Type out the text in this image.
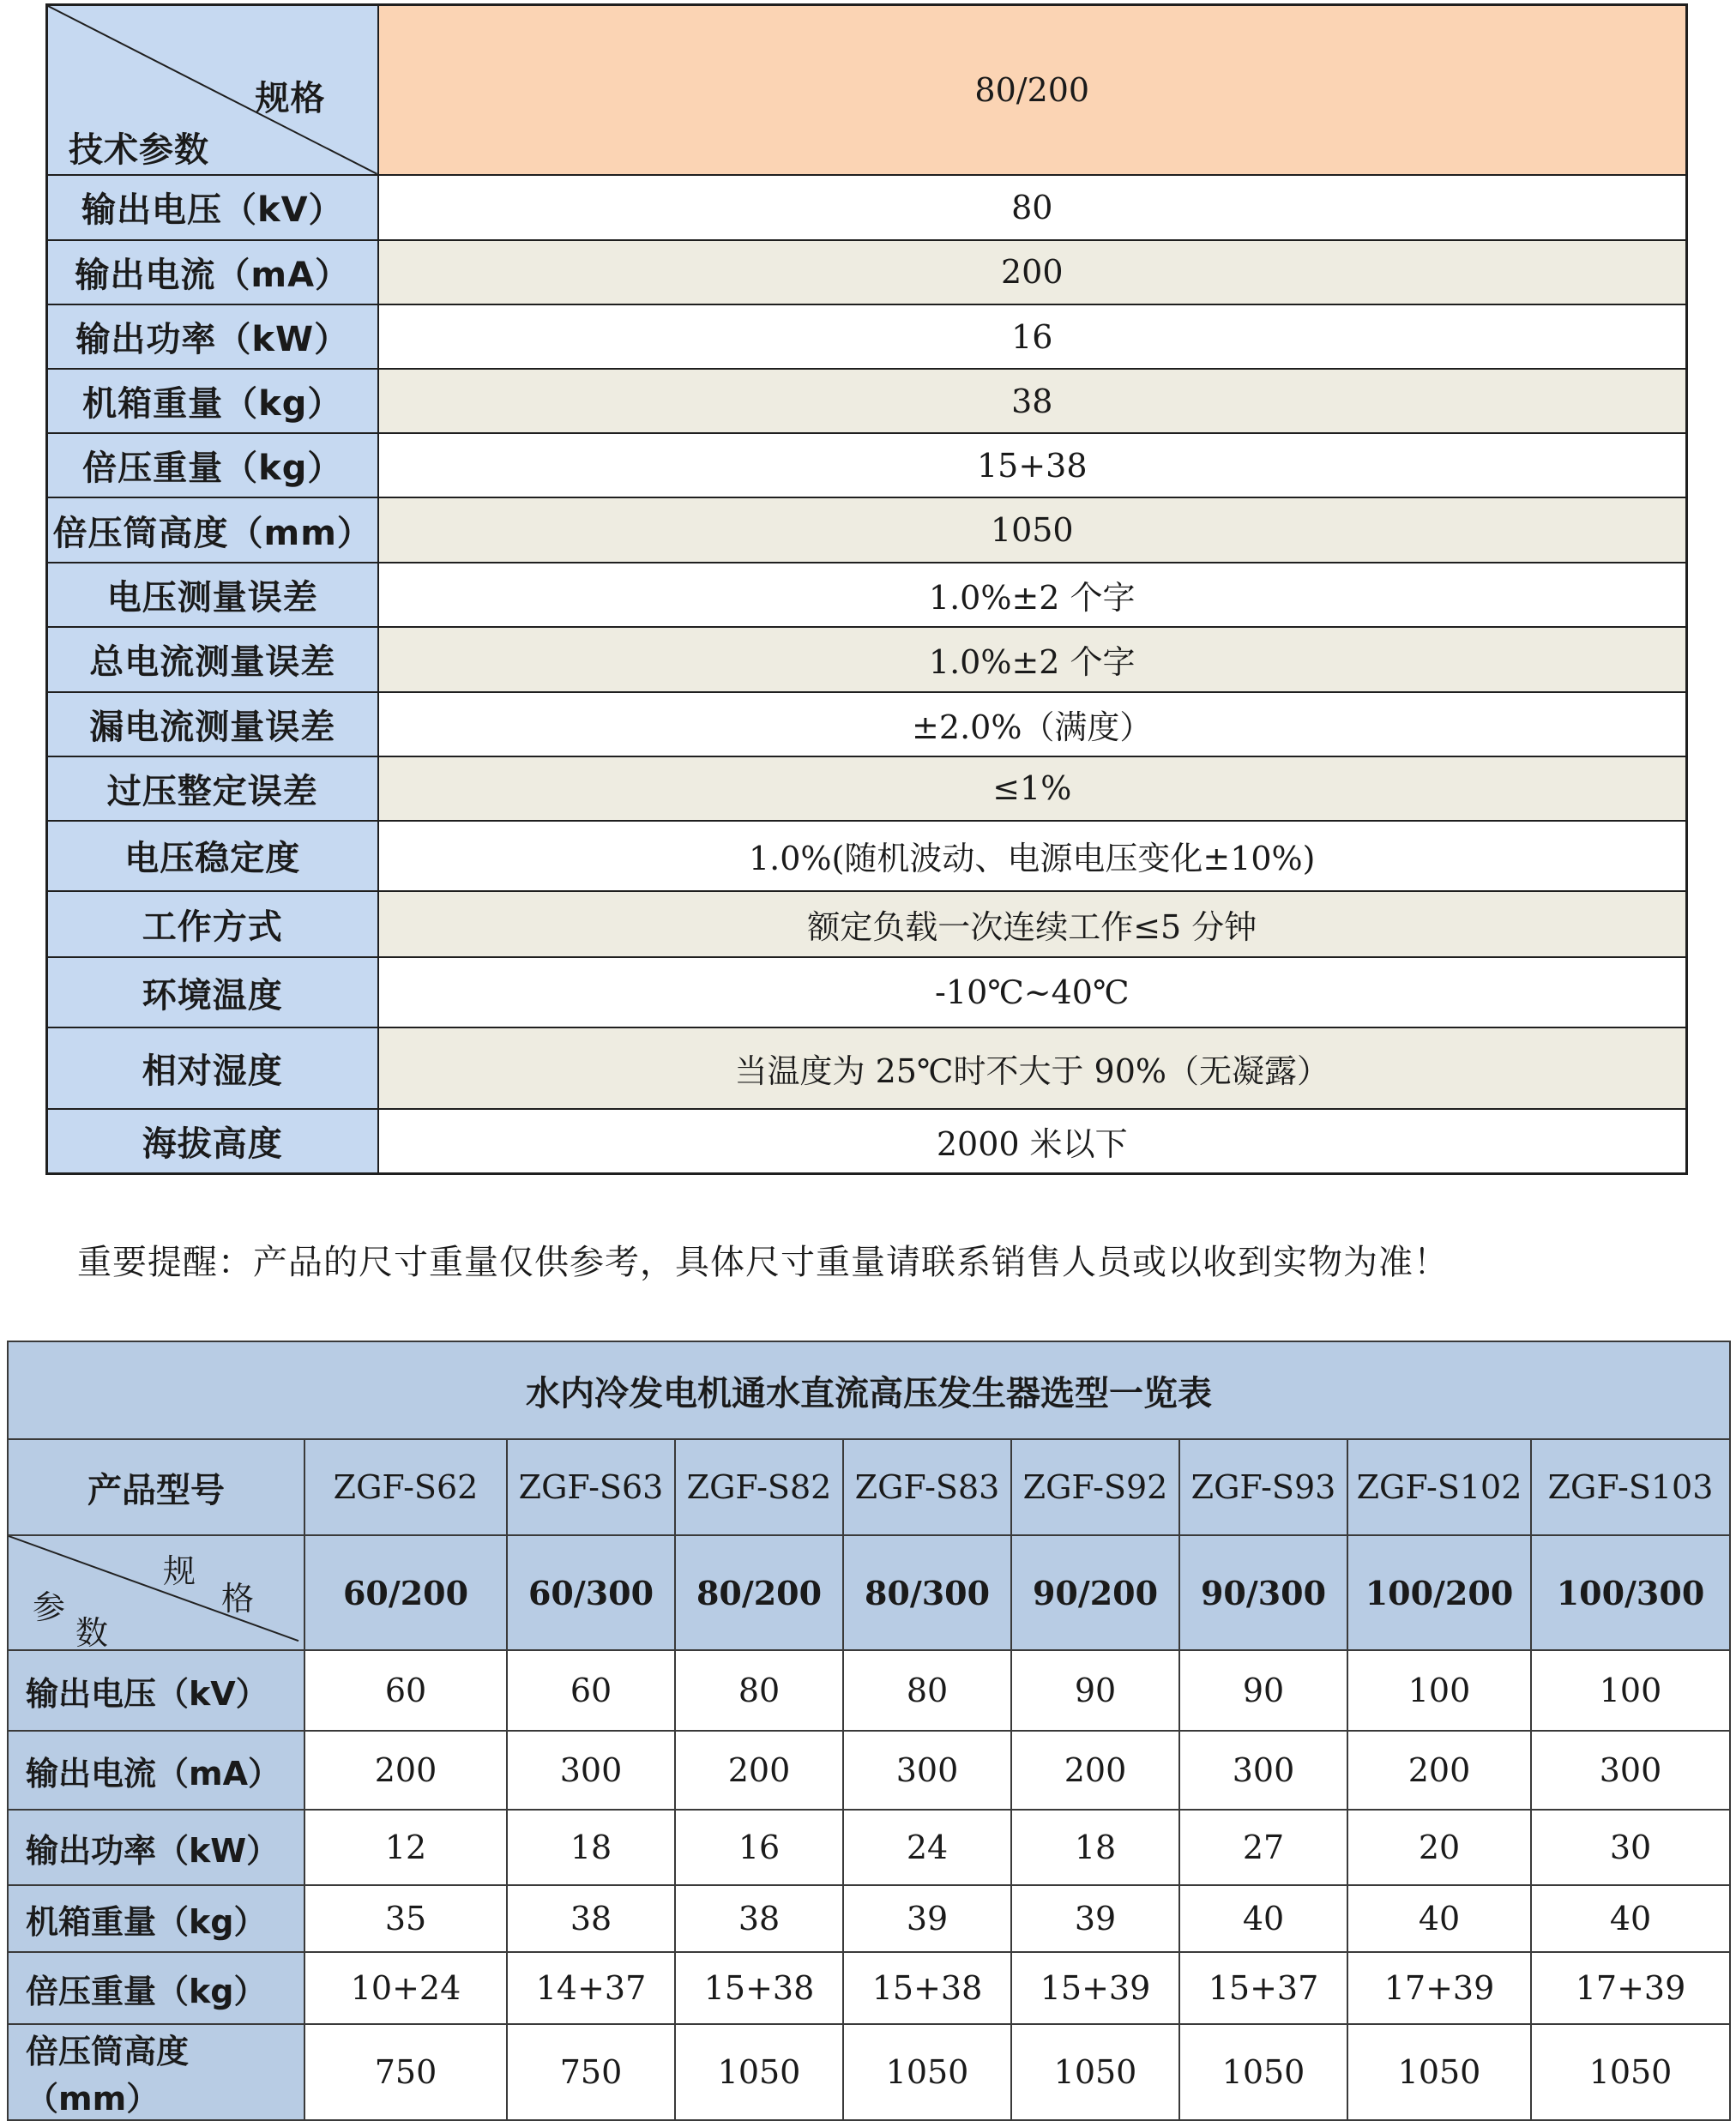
规格
技术参数	80/200
输出电压（kV）	80
输出电流（mA）	200
输出功率（kW）	16
机箱重量（kg）	38
倍压重量（kg）	15+38
倍压筒高度（mm）	1050
电压测量误差	1.0%±2 个字
总电流测量误差	1.0%±2 个字
漏电流测量误差	±2.0%（满度）
过压整定误差	≤1%
电压稳定度	1.0%(随机波动、电源电压变化±10%)
工作方式	额定负载一次连续工作≤5 分钟
环境温度	-10℃~40℃
相对湿度	当温度为 25℃时不大于 90%（无凝露）
海拔高度	2000 米以下
重要提醒：产品的尺寸重量仅供参考，具体尺寸重量请联系销售人员或以收到实物为准！
水内冷发电机通水直流高压发生器选型一览表								
产品型号	ZGF-S62	ZGF-S63	ZGF-S82	ZGF-S83	ZGF-S92	ZGF-S93	ZGF-S102	ZGF-S103

规
格
参
数	60/200	60/300	80/200	80/300	90/200	90/300	100/200	100/300
输出电压（kV）	60	60	80	80	90	90	100	100
输出电流（mA）	200	300	200	300	200	300	200	300
输出功率（kW）	12	18	16	24	18	27	20	30
机箱重量（kg）	35	38	38	39	39	40	40	40
倍压重量（kg）	10+24	14+37	15+38	15+38	15+39	15+37	17+39	17+39
倍压筒高度（mm）	750	750	1050	1050	1050	1050	1050	1050
